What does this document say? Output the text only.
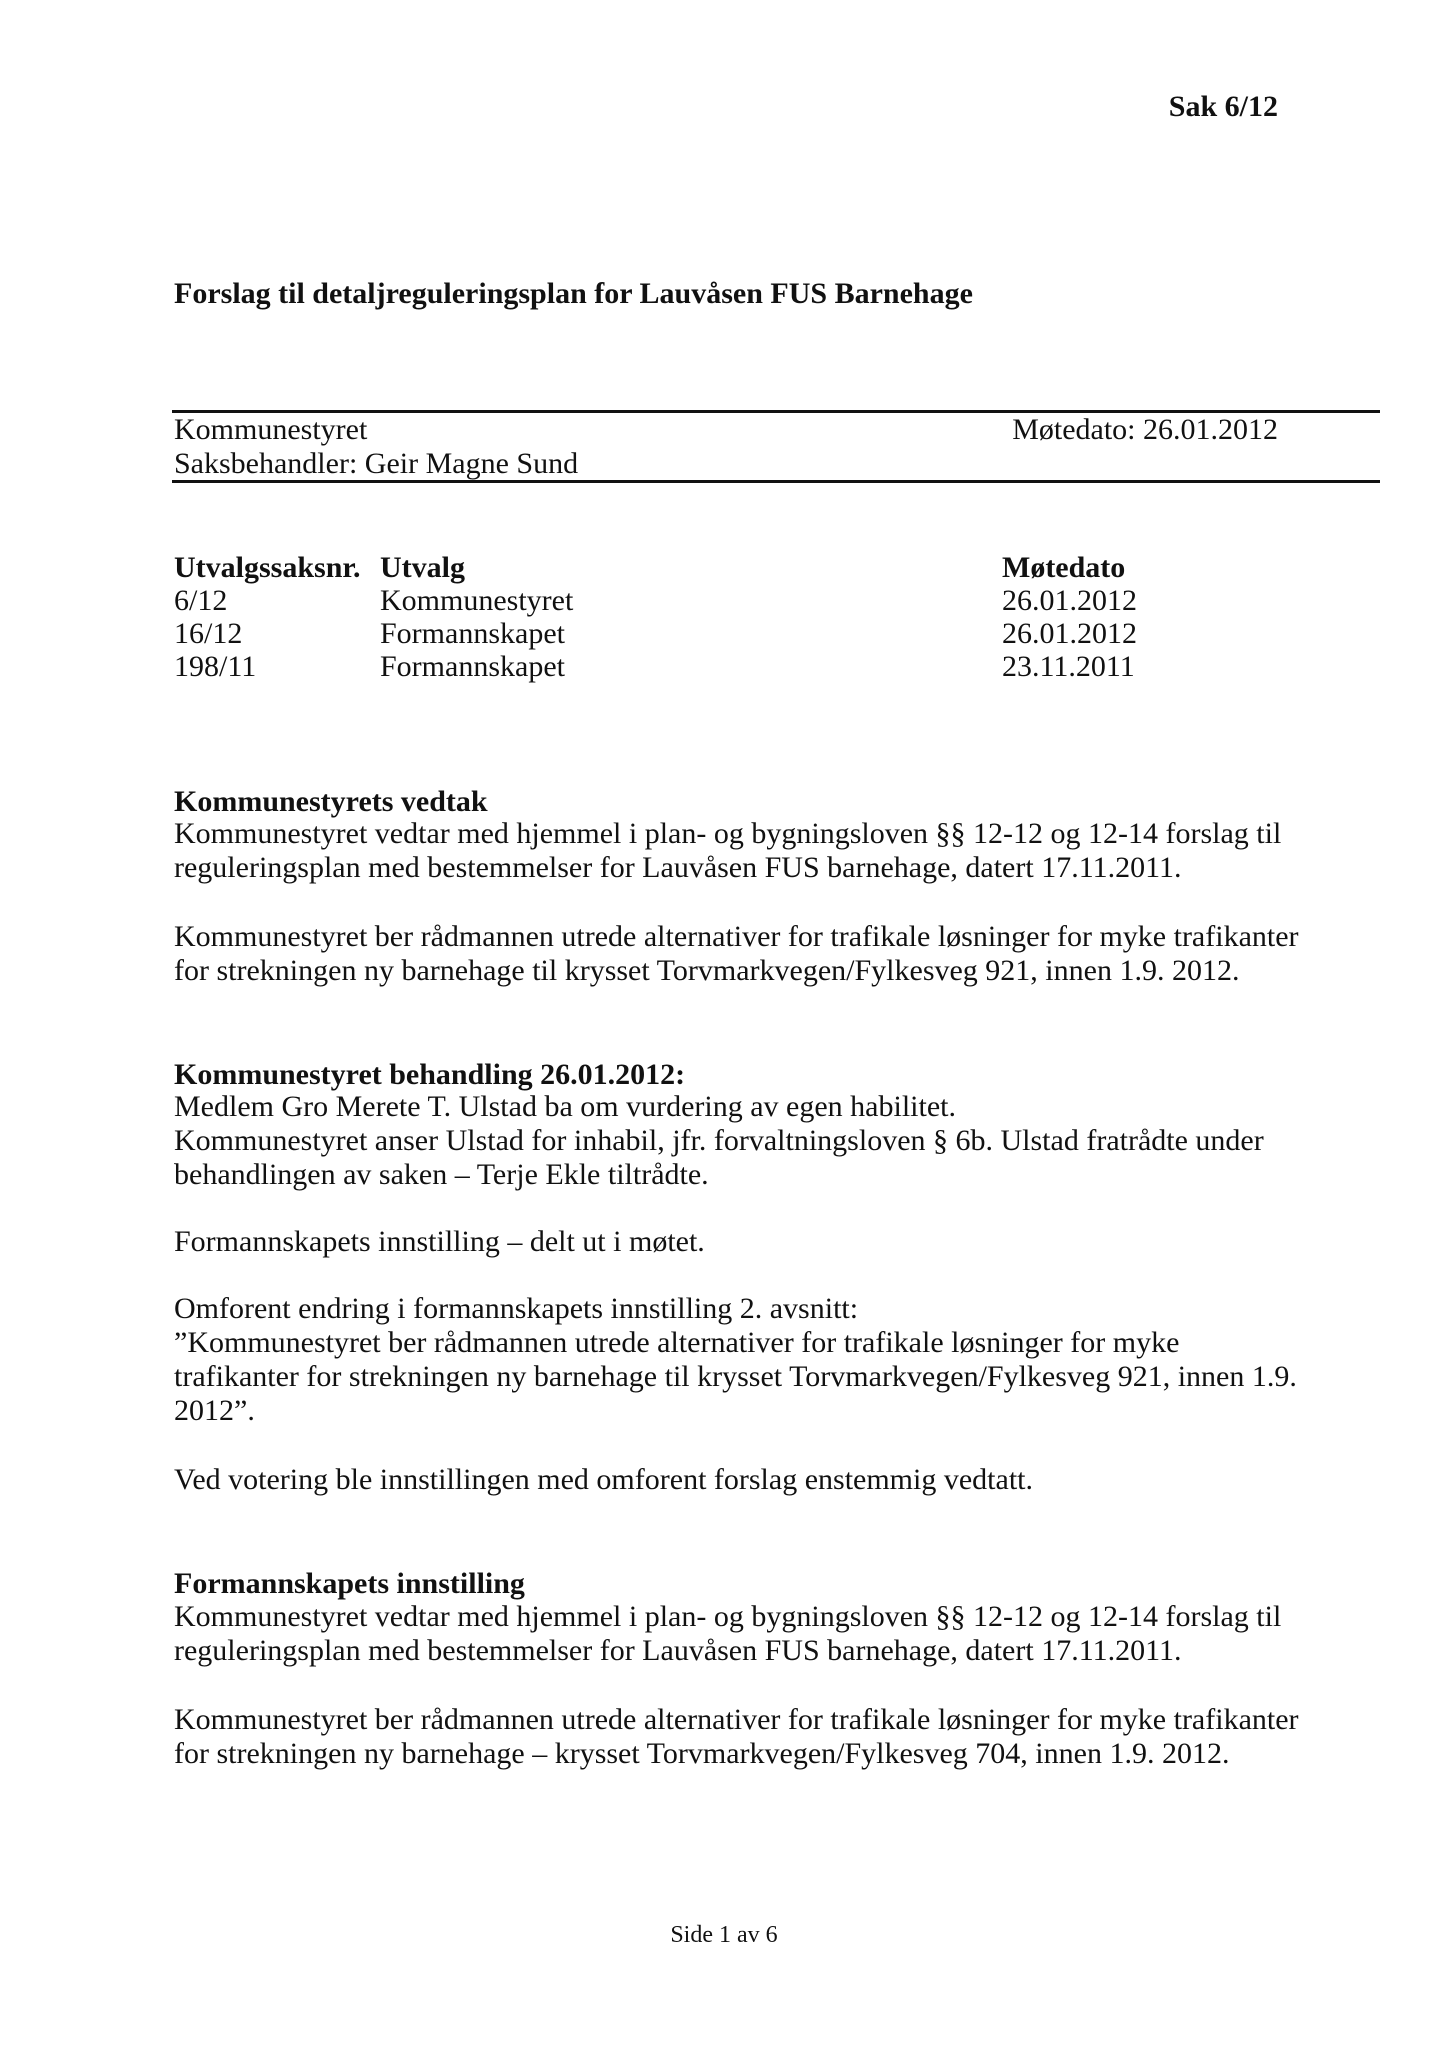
Sak 6/12
Forslag til detaljreguleringsplan for Lauvåsen FUS Barnehage
Kommunestyret	Møtedato: 26.01.2012
Saksbehandler: Geir Magne Sund
Utvalgssaksnr. Utvalg	Møtedato
6/12	Kommunestyret	26.01.2012
16/12	Formannskapet	26.01.2012
198/11	Formannskapet	23.11.2011
Kommunestyrets vedtak
Kommunestyret vedtar med hjemmel i plan- og bygningsloven §§ 12-12 og 12-14 forslag til
reguleringsplan med bestemmelser for Lauvåsen FUS barnehage, datert 17.11.2011.
Kommunestyret ber rådmannen utrede alternativer for trafikale løsninger for myke trafikanter
for strekningen ny barnehage til krysset Torvmarkvegen/Fylkesveg 921, innen 1.9. 2012.
Kommunestyret behandling 26.01.2012:
Medlem Gro Merete T. Ulstad ba om vurdering av egen habilitet.
Kommunestyret anser Ulstad for inhabil, jfr. forvaltningsloven § 6b. Ulstad fratrådte under
behandlingen av saken – Terje Ekle tiltrådte.
Formannskapets innstilling – delt ut i møtet.
Omforent endring i formannskapets innstilling 2. avsnitt:
”Kommunestyret ber rådmannen utrede alternativer for trafikale løsninger for myke
trafikanter for strekningen ny barnehage til krysset Torvmarkvegen/Fylkesveg 921, innen 1.9.
2012”.
Ved votering ble innstillingen med omforent forslag enstemmig vedtatt.
Formannskapets innstilling
Kommunestyret vedtar med hjemmel i plan- og bygningsloven §§ 12-12 og 12-14 forslag til
reguleringsplan med bestemmelser for Lauvåsen FUS barnehage, datert 17.11.2011.
Kommunestyret ber rådmannen utrede alternativer for trafikale løsninger for myke trafikanter
for strekningen ny barnehage – krysset Torvmarkvegen/Fylkesveg 704, innen 1.9. 2012.
Side 1 av 6
